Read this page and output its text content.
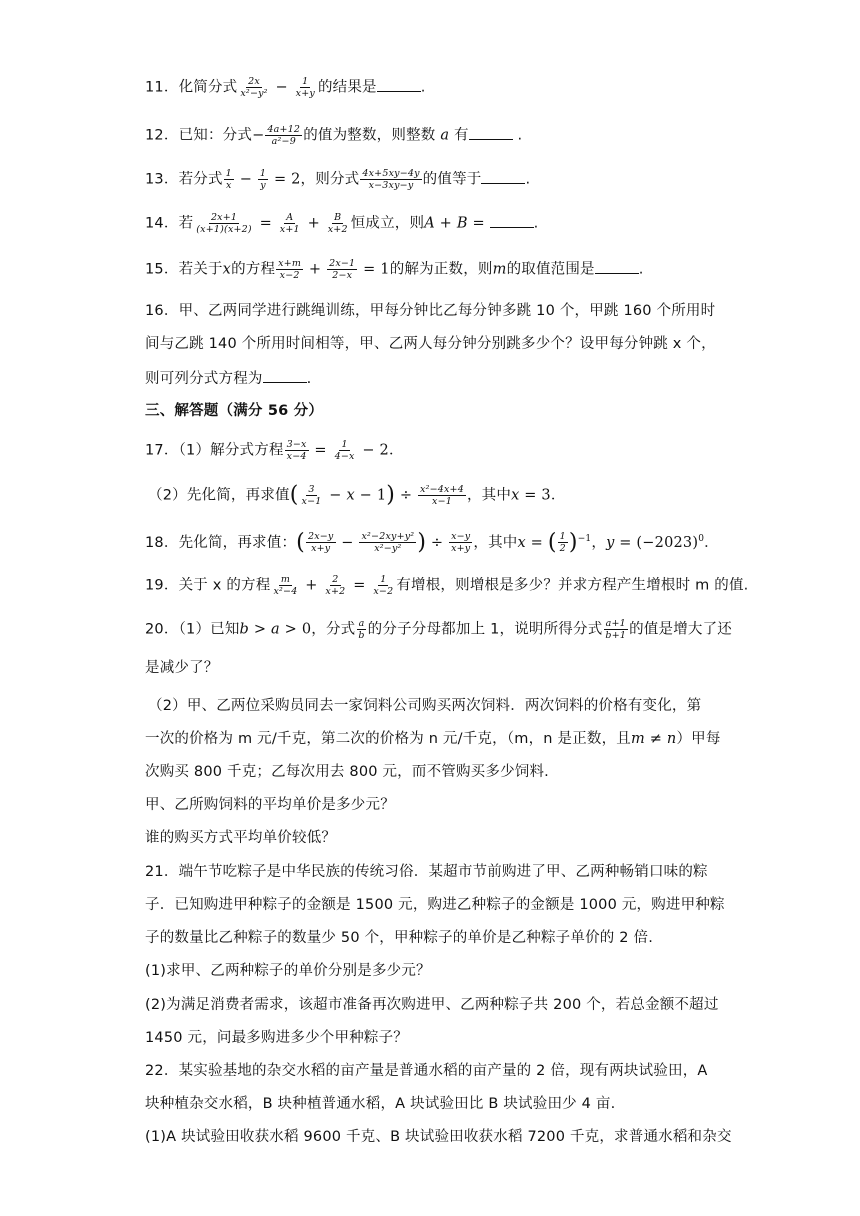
11．化简分式 $\frac{2x}{\text{x²−y²}} - \frac{1}{x+y}$ 的结果是	.
12．已知：分式− $\frac{4a+12}{\text{a²−9}}$ 的值为整数，则整数 a 有	.
13．若分式 $\frac{1}{x} - \frac{1}{y} = 2$，则分式 $\frac{4x+5xy-4y}{x-3xy-y}$ 的值等于	.
14．若 $\frac{2x+1}{(x+1)(x+2)} = \frac{A}{x+1} + \frac{B}{x+2}$ 恒成立，则A + B =	.
15．若关于x的方程 $\frac{x+m}{x-2} + \frac{2x-1}{2-x} = 1$的解为正数，则m的取值范围是	.
16．甲、乙两同学进行跳绳训练，甲每分钟比乙每分钟多跳 10 个，甲跳 160 个所用时
间与乙跳 140 个所用时间相等，甲、乙两人每分钟分别跳多少个？设甲每分钟跳 x 个，
则可列分式方程为	.
三、解答题（满分 56 分）
17．（1）解分式方程 $\frac{3-x}{x-4} = \frac{1}{4-x} - 2$．
（2）先化简，再求值( $\frac{3}{x-1} - x - 1) \div \frac{\text{x²−4x+4}}{x-1}$ ，其中x = 3．
18．先化简，再求值：( $\frac{2x-y}{x+y} - \frac{\text{x²−2xy+y²}}{\text{x²−y²}}$ ) ÷ $\frac{x-y}{x+y}$ ，其中x = ( $\frac{1}{2} )^{-1}$，$y = (-2023)^0$．
19．关于 x 的方程 $\frac{m}{\text{x²−4}} + \frac{2}{x+2} = \frac{1}{x-2}$ 有增根，则增根是多少？并求方程产生增根时 m 的值.
20．（1）已知b > a > 0，分式 $\frac{a}{b}$ 的分子分母都加上 1，说明所得分式 $\frac{a+1}{b+1}$ 的值是增大了还
是减少了？
（2）甲、乙两位采购员同去一家饲料公司购买两次饲料．两次饲料的价格有变化，第
一次的价格为 m 元/千克，第二次的价格为 n 元/千克，（m，n 是正数，且m ≠ n）甲每
次购买 800 千克；乙每次用去 800 元，而不管购买多少饲料.
甲、乙所购饲料的平均单价是多少元？
谁的购买方式平均单价较低？
21．端午节吃粽子是中华民族的传统习俗．某超市节前购进了甲、乙两种畅销口味的粽
子．已知购进甲种粽子的金额是 1500 元，购进乙种粽子的金额是 1000 元，购进甲种粽
子的数量比乙种粽子的数量少 50 个，甲种粽子的单价是乙种粽子单价的 2 倍.
(1)求甲、乙两种粽子的单价分别是多少元？
(2)为满足消费者需求，该超市准备再次购进甲、乙两种粽子共 200 个，若总金额不超过
1450 元，问最多购进多少个甲种粽子？
22．某实验基地的杂交水稻的亩产量是普通水稻的亩产量的 2 倍，现有两块试验田，A
块种植杂交水稻，B 块种植普通水稻，A 块试验田比 B 块试验田少 4 亩.
(1)A 块试验田收获水稻 9600 千克、B 块试验田收获水稻 7200 千克，求普通水稻和杂交
